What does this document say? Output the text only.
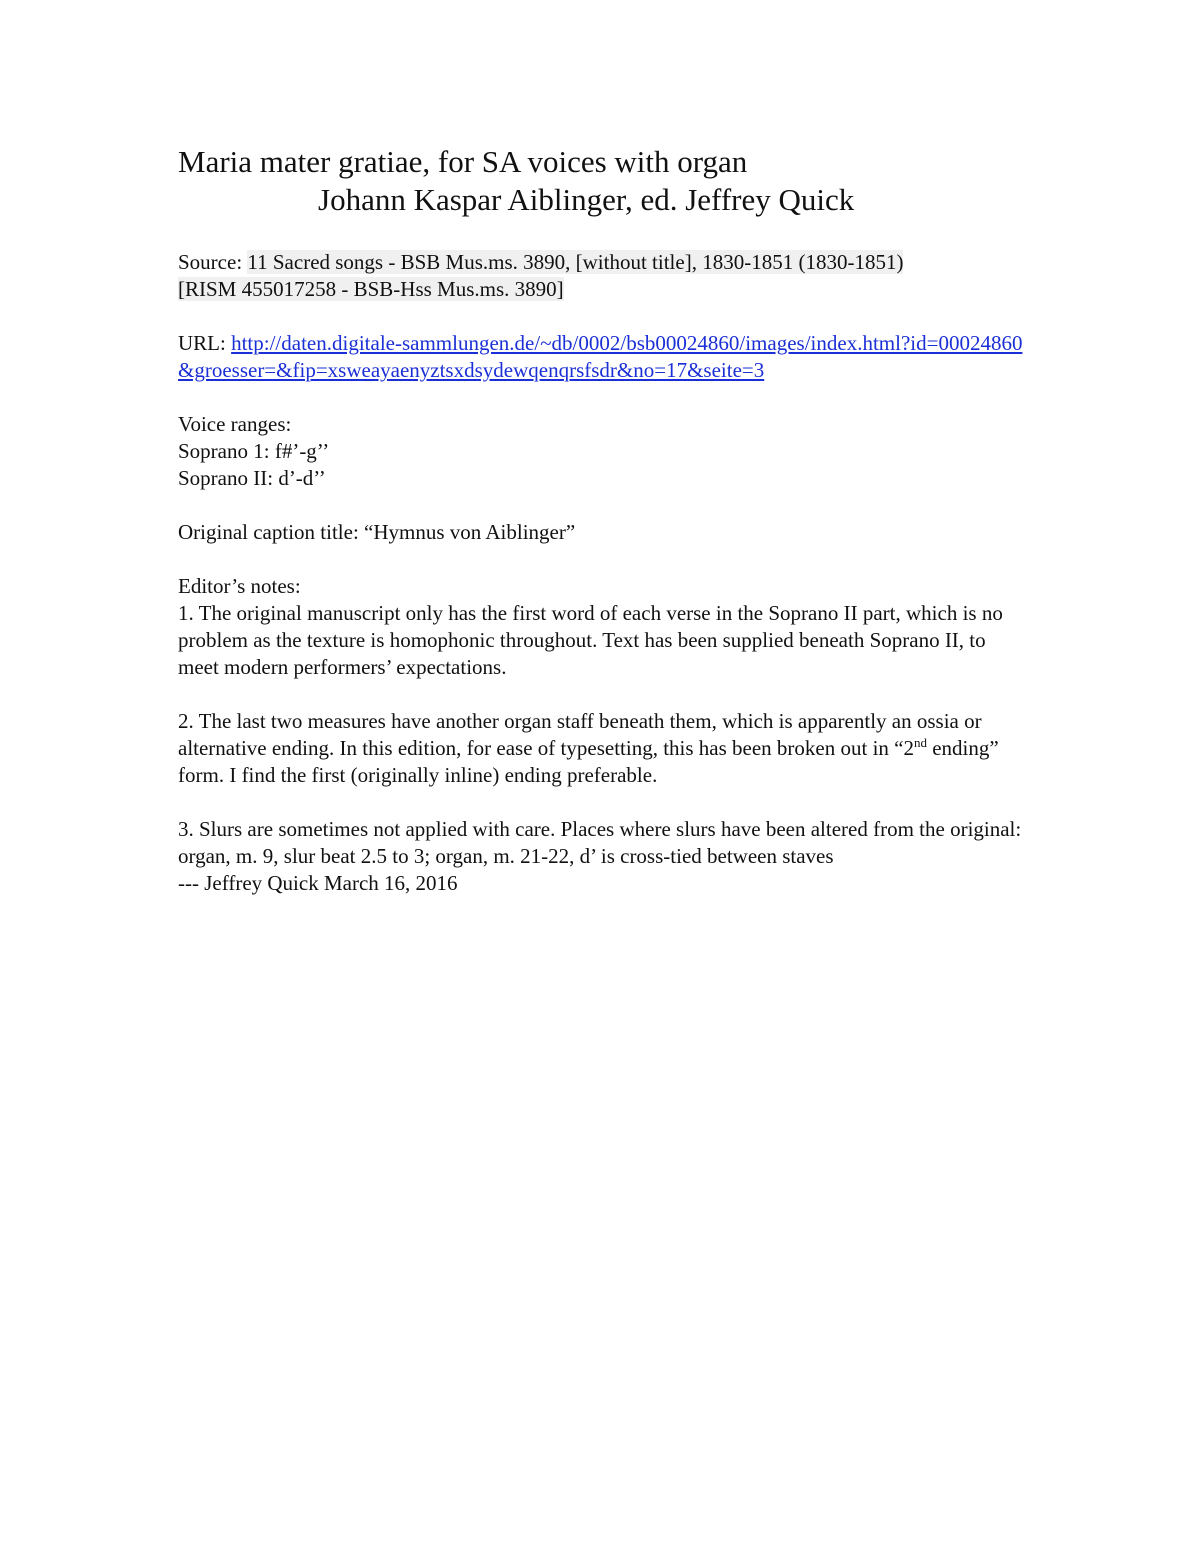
Maria mater gratiae, for SA voices with organ
Johann Kaspar Aiblinger, ed. Jeffrey Quick

Source: 11 Sacred songs - BSB Mus.ms. 3890, [without title], 1830-1851 (1830-1851) [RISM 455017258 - BSB-Hss Mus.ms. 3890]

URL: http://daten.digitale-sammlungen.de/~db/0002/bsb00024860/images/index.html?id=00024860&groesser=&fip=xsweayaenyztsxdsydewqenqrsfsdr&no=17&seite=3

Voice ranges:
Soprano 1: f#’-g’’
Soprano II: d’-d’’

Original caption title: “Hymnus von Aiblinger”

Editor’s notes:
1. The original manuscript only has the first word of each verse in the Soprano II part, which is no problem as the texture is homophonic throughout. Text has been supplied beneath Soprano II, to meet modern performers’ expectations.

2. The last two measures have another organ staff beneath them, which is apparently an ossia or alternative ending. In this edition, for ease of typesetting, this has been broken out in “2nd ending” form. I find the first (originally inline) ending preferable.

3. Slurs are sometimes not applied with care. Places where slurs have been altered from the original: organ, m. 9, slur beat 2.5 to 3; organ, m. 21-22, d’ is cross-tied between staves
--- Jeffrey Quick March 16, 2016
